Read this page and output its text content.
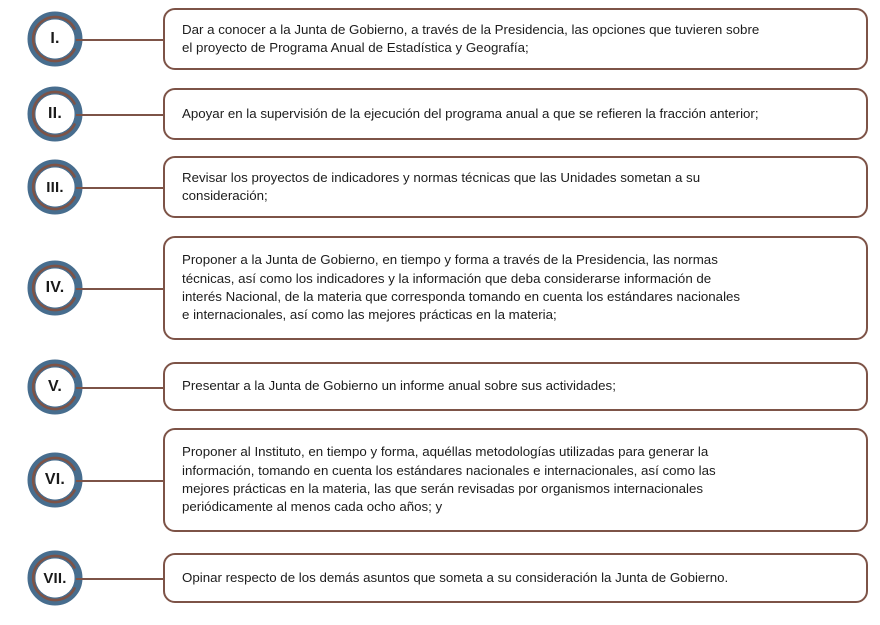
I.
Dar a conocer a la Junta de Gobierno, a través de la Presidencia, las opciones que tuvieren sobre
el proyecto de Programa Anual de Estadística y Geografía;
II.	Apoyar en la supervisión de la ejecución del programa anual a que se refieren la fracción anterior;
III.
Revisar los proyectos de indicadores y normas técnicas que las Unidades sometan a su
consideración;
IV.
Proponer a la Junta de Gobierno, en tiempo y forma a través de la Presidencia, las normas
técnicas, así como los indicadores y la información que deba considerarse información de
interés Nacional, de la materia que corresponda tomando en cuenta los estándares nacionales
e internacionales, así como las mejores prácticas en la materia;
V.	Presentar a la Junta de Gobierno un informe anual sobre sus actividades;
VI.
Proponer al Instituto, en tiempo y forma, aquéllas metodologías utilizadas para generar la
información, tomando en cuenta los estándares nacionales e internacionales, así como las
mejores prácticas en la materia, las que serán revisadas por organismos internacionales
periódicamente al menos cada ocho años; y
VII.	Opinar respecto de los demás asuntos que someta a su consideración la Junta de Gobierno.
